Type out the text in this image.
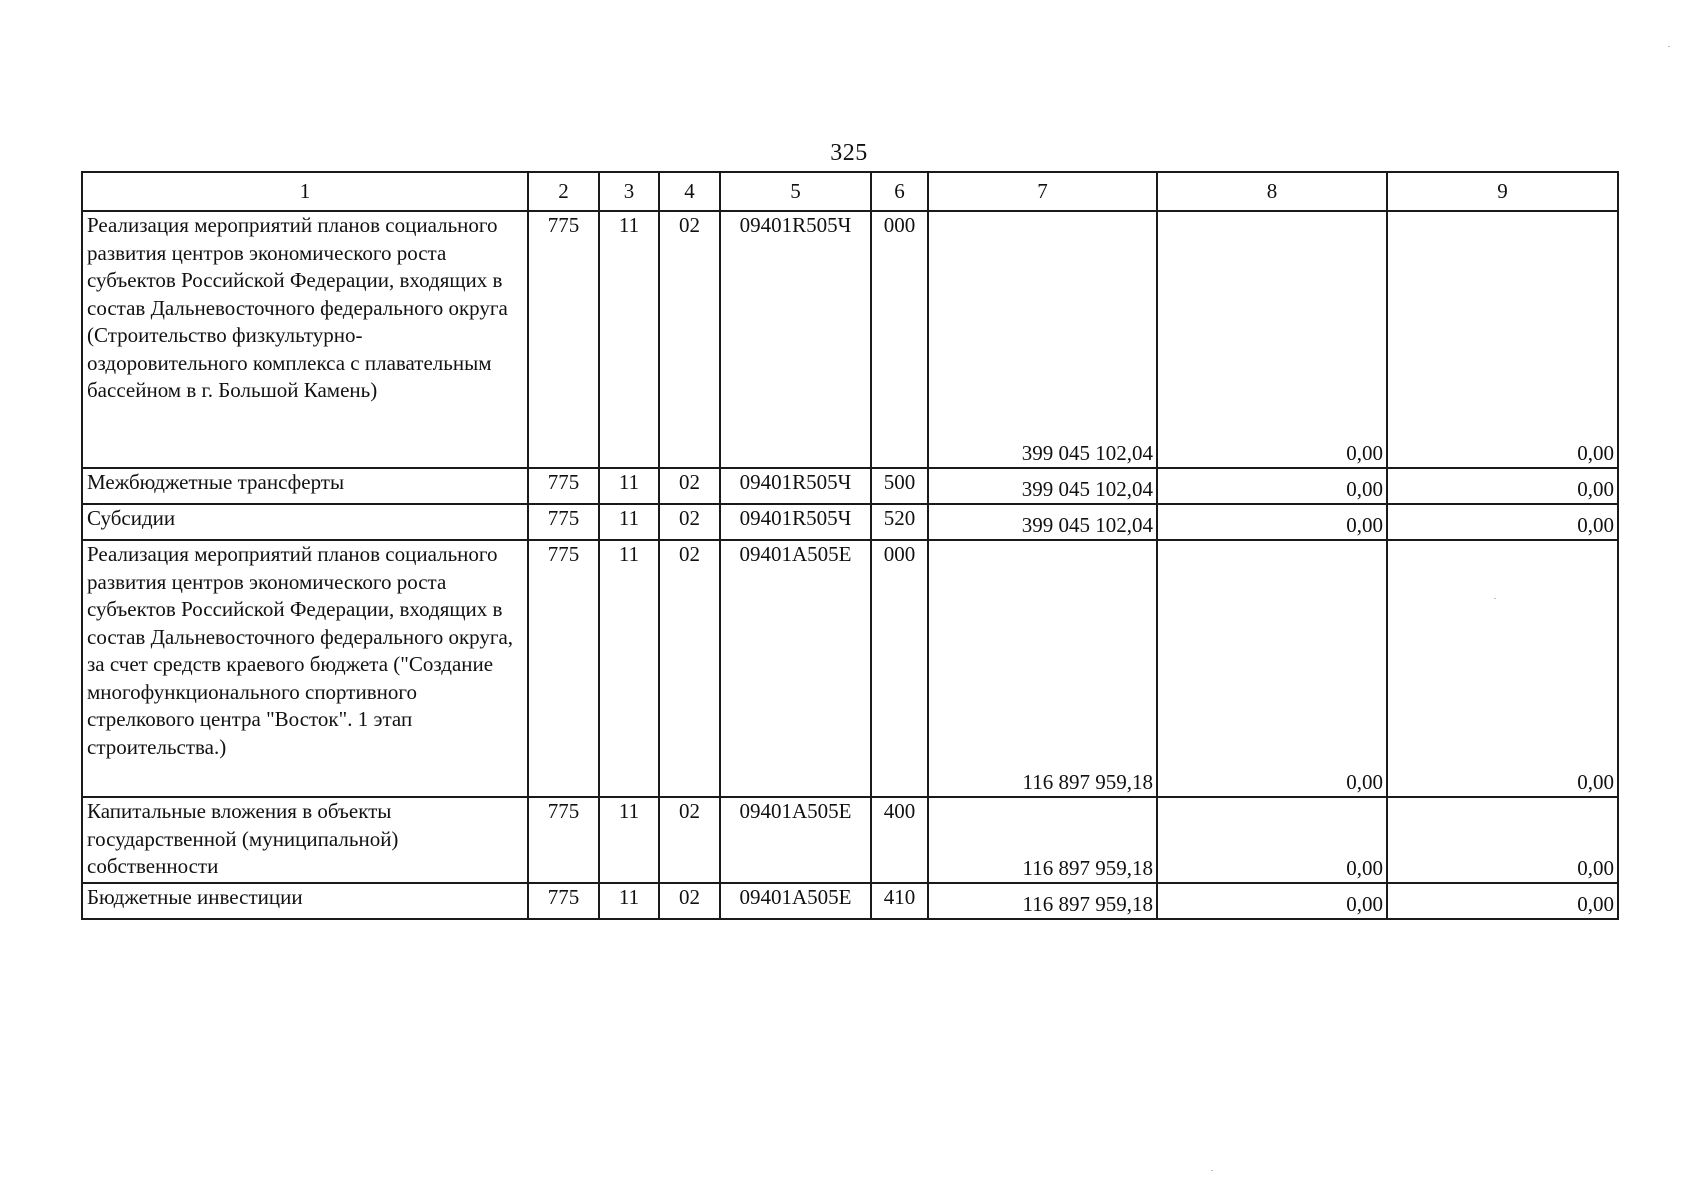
325
1	2	3	4	5	6	7	8	9
Реализация мероприятий планов социального развития центров экономического роста субъектов Российской Федерации, входящих в состав Дальневосточного федерального округа (Строительство физкультурно-оздоровительного комплекса с плавательным бассейном в г. Большой Камень)	775	11	02	09401R505Ч	000	399 045 102,04	0,00	0,00
Межбюджетные трансферты	775	11	02	09401R505Ч	500	399 045 102,04	0,00	0,00
Субсидии	775	11	02	09401R505Ч	520	399 045 102,04	0,00	0,00
Реализация мероприятий планов социального развития центров экономического роста субъектов Российской Федерации, входящих в состав Дальневосточного федерального округа, за счет средств краевого бюджета ("Создание многофункционального спортивного стрелкового центра "Восток". 1 этап строительства.)	775	11	02	09401A505E	000	116 897 959,18	0,00	0,00
Капитальные вложения в объекты государственной (муниципальной) собственности	775	11	02	09401A505E	400	116 897 959,18	0,00	0,00
Бюджетные инвестиции	775	11	02	09401A505E	410	116 897 959,18	0,00	0,00
